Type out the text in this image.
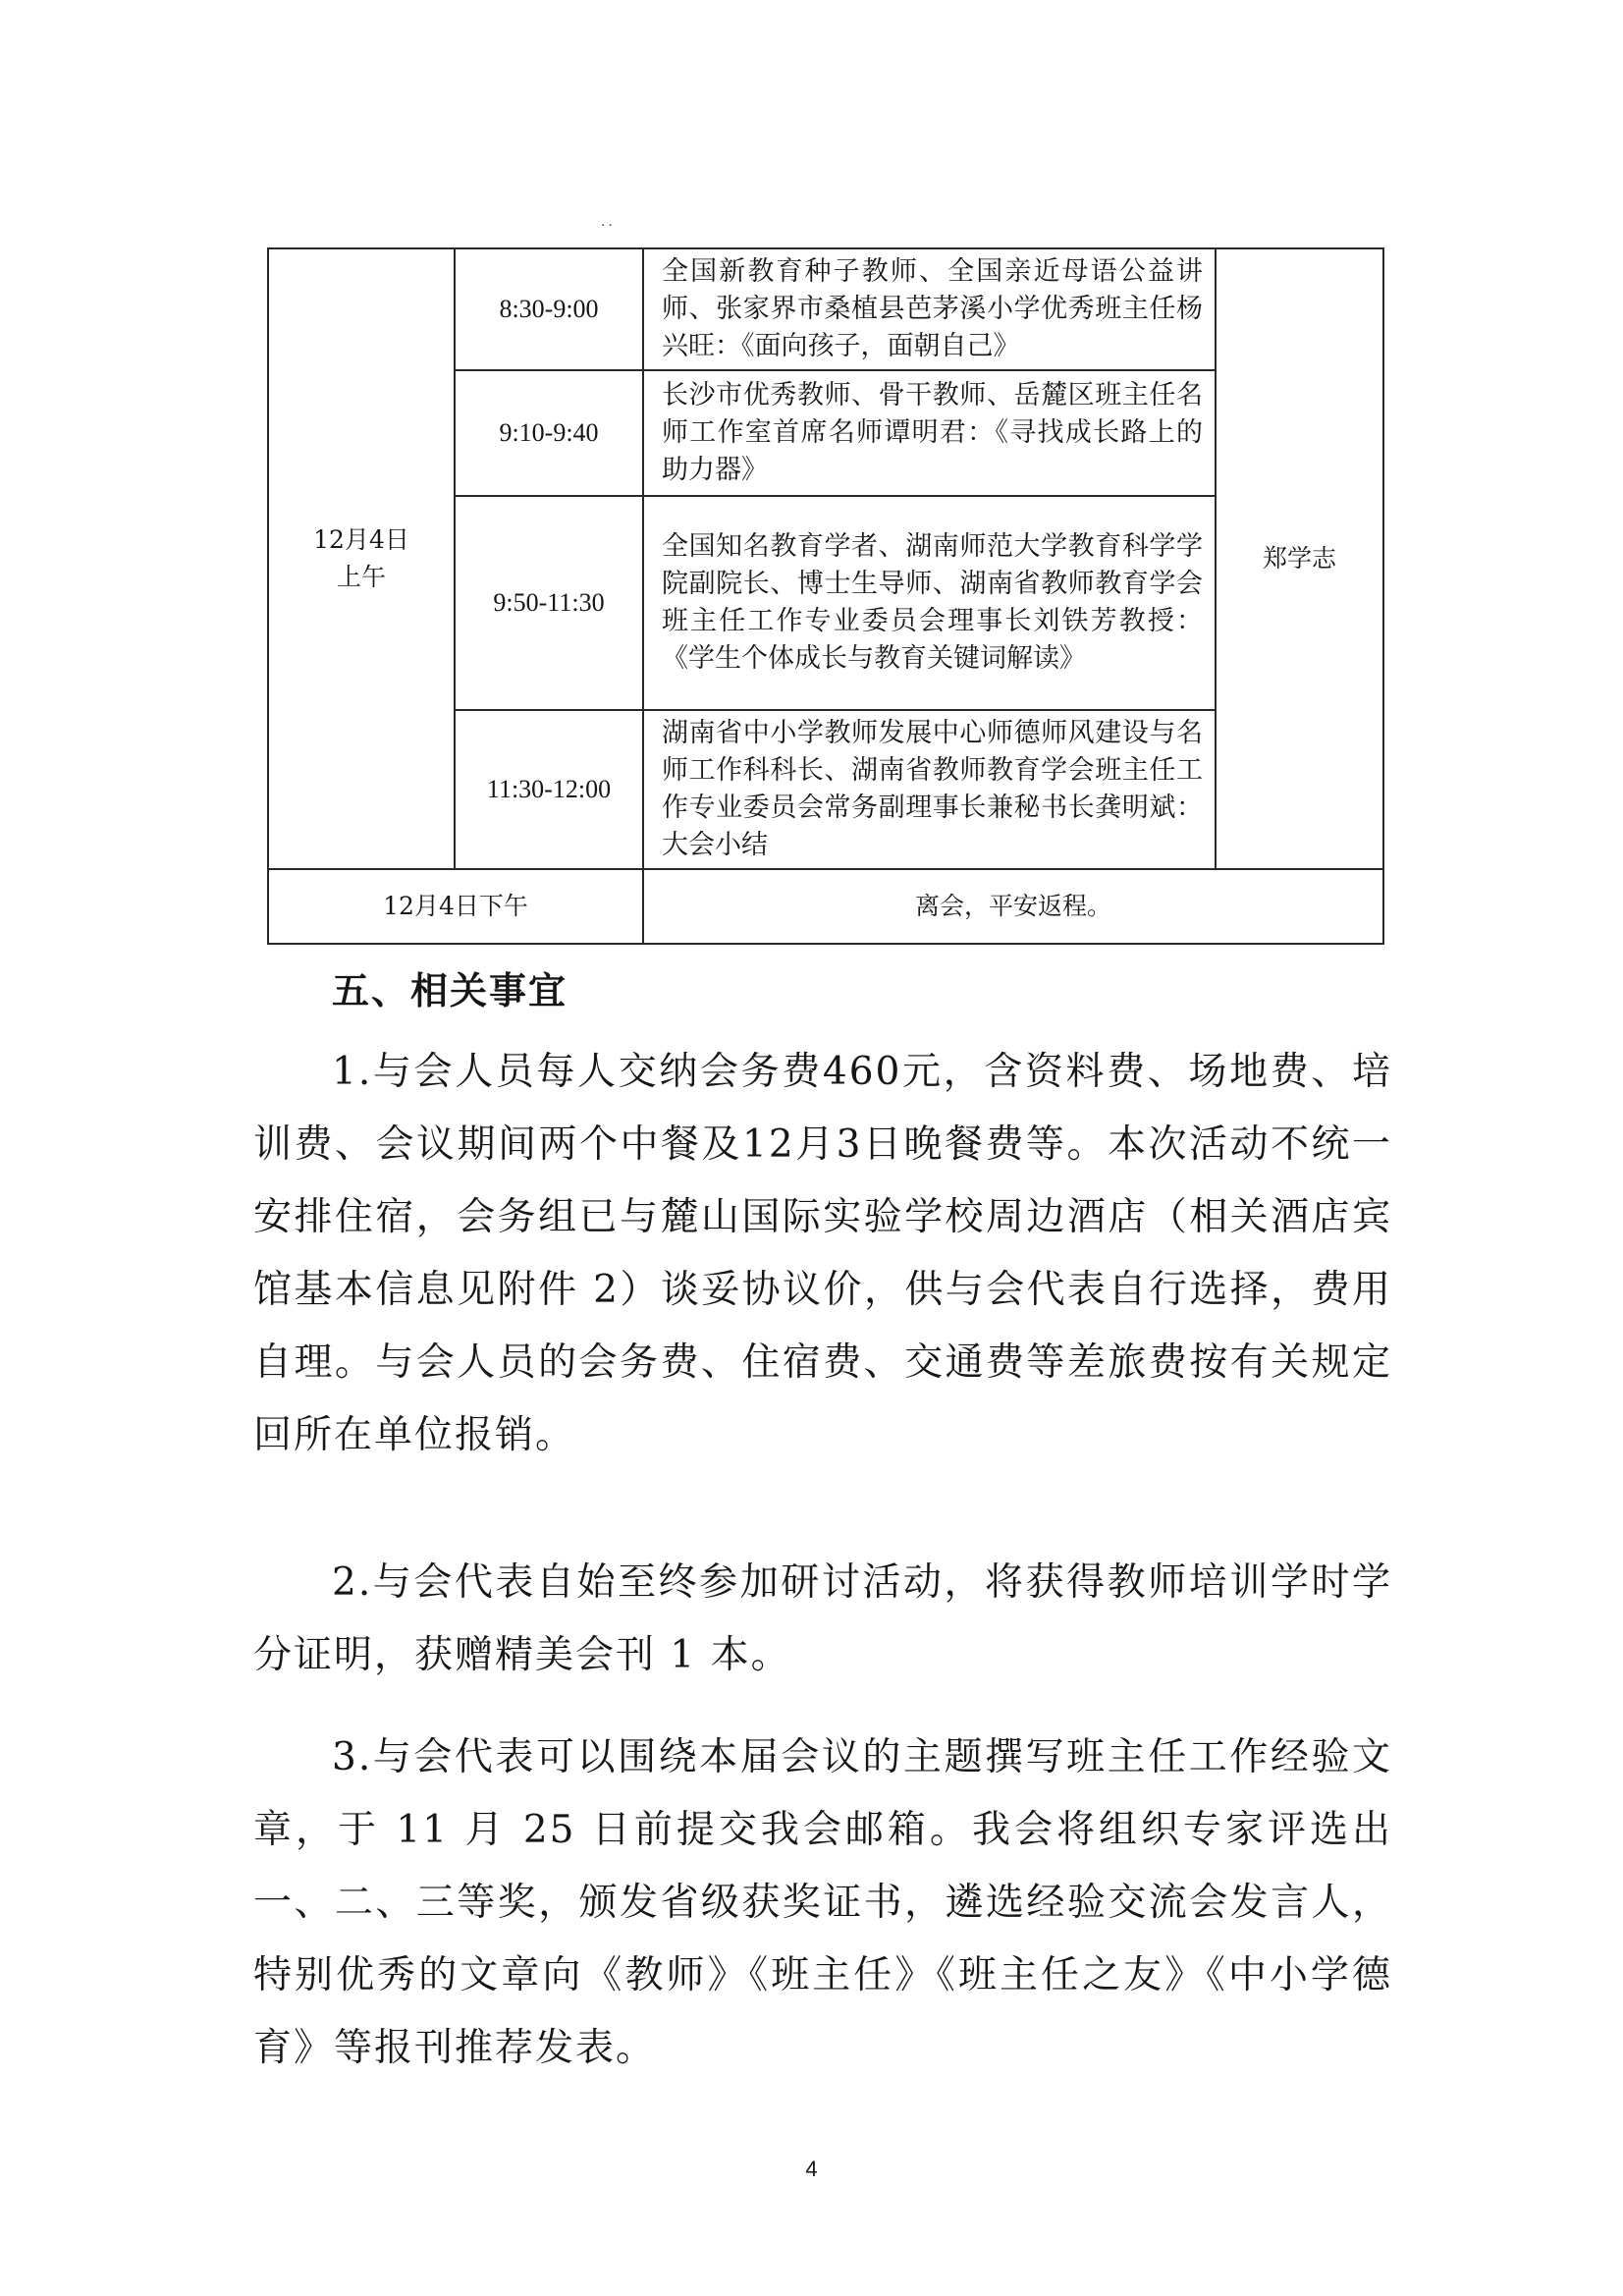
··
12月4日
上午	8:30-9:00	全国新教育种子教师、全国亲近母语公益讲师、张家界市桑植县芭茅溪小学优秀班主任杨兴旺：《面向孩子，面朝自己》	郑学志
	9:10-9:40	长沙市优秀教师、骨干教师、岳麓区班主任名师工作室首席名师谭明君：《寻找成长路上的助力器》	
	9:50-11:30	全国知名教育学者、湖南师范大学教育科学学院副院长、博士生导师、湖南省教师教育学会班主任工作专业委员会理事长刘铁芳教授：《学生个体成长与教育关键词解读》	
	11:30-12:00	湖南省中小学教师发展中心师德师风建设与名师工作科科长、湖南省教师教育学会班主任工作专业委员会常务副理事长兼秘书长龚明斌：大会小结	
12月4日下午		离会，平安返程。	
五、相关事宜

1.与会人员每人交纳会务费460元，含资料费、场地费、培训费、会议期间两个中餐及12月3日晚餐费等。本次活动不统一安排住宿，会务组已与麓山国际实验学校周边酒店（相关酒店宾馆基本信息见附件 2）谈妥协议价，供与会代表自行选择，费用自理。与会人员的会务费、住宿费、交通费等差旅费按有关规定回所在单位报销。

2.与会代表自始至终参加研讨活动，将获得教师培训学时学分证明，获赠精美会刊 1 本。

3.与会代表可以围绕本届会议的主题撰写班主任工作经验文章，于 11 月 25 日前提交我会邮箱。我会将组织专家评选出一、二、三等奖，颁发省级获奖证书，遴选经验交流会发言人，特别优秀的文章向《教师》《班主任》《班主任之友》《中小学德育》等报刊推荐发表。

4
